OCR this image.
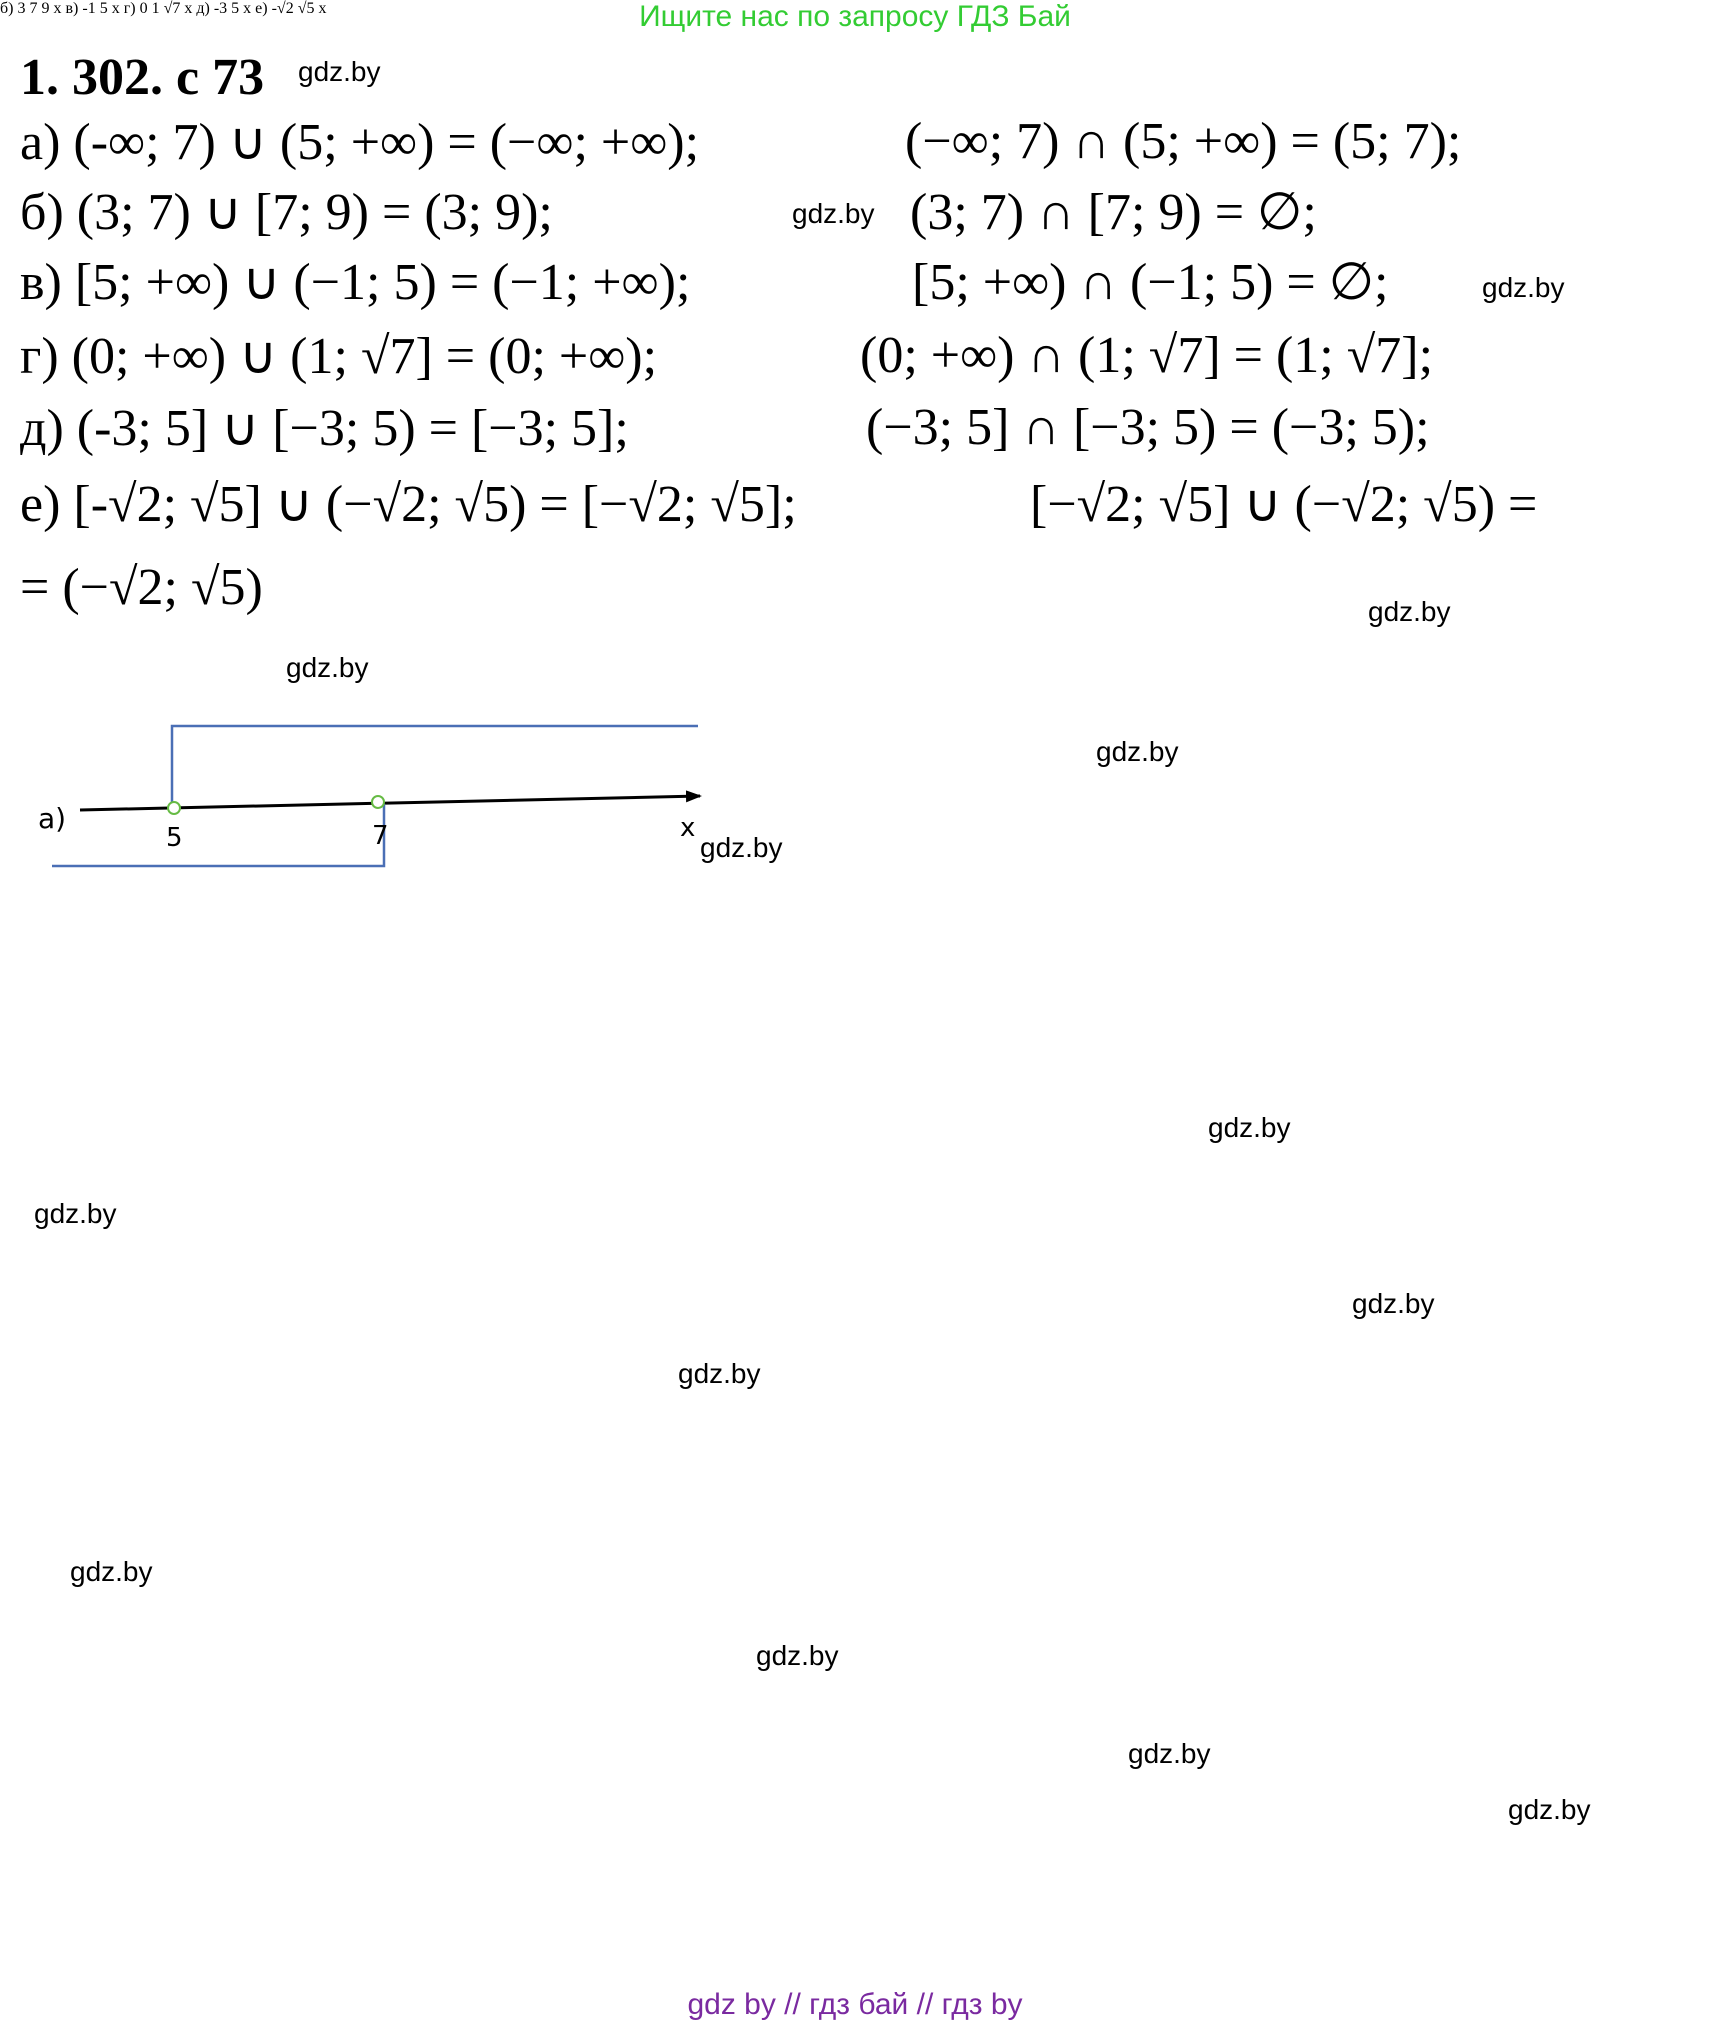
Ищите нас по запросу ГДЗ Бай
1. 302. с 73 gdz.by
а) (-∞; 7) ∪ (5; +∞) = (−∞; +∞);	(−∞; 7) ∩ (5; +∞) = (5; 7);
б) (3; 7) ∪ [7; 9) = (3; 9);	gdz.by (3; 7) ∩ [7; 9) = ∅;
в) [5; +∞) ∪ (−1; 5) = (−1; +∞);	[5; +∞) ∩ (−1; 5) = ∅;	gdz.by
г) (0; +∞) ∪ (1; √7] = (0; +∞);	(0; +∞) ∩ (1; √7] = (1; √7];
д) (-3; 5] ∪ [−3; 5) = [−3; 5];	(−3; 5] ∩ [−3; 5) = (−3; 5);
е) [-√2; √5] ∪ (−√2; √5) = [−√2; √5];	[−√2; √5] ∪ (−√2; √5) =
= (−√2; √5)	gdz.by
gdz.by
gdz.by
gdz.by
gdz.by
gdz.by
gdz.by
gdz.by
gdz.by
gdz.by
gdz.by
gdz.by
а)
5	7	x
б) 3 7 9 x в) -1 5 x г) 0 1 √7 x д) -3 5 x е) -√2 √5 x
gdz by // гдз бай // гдз by
